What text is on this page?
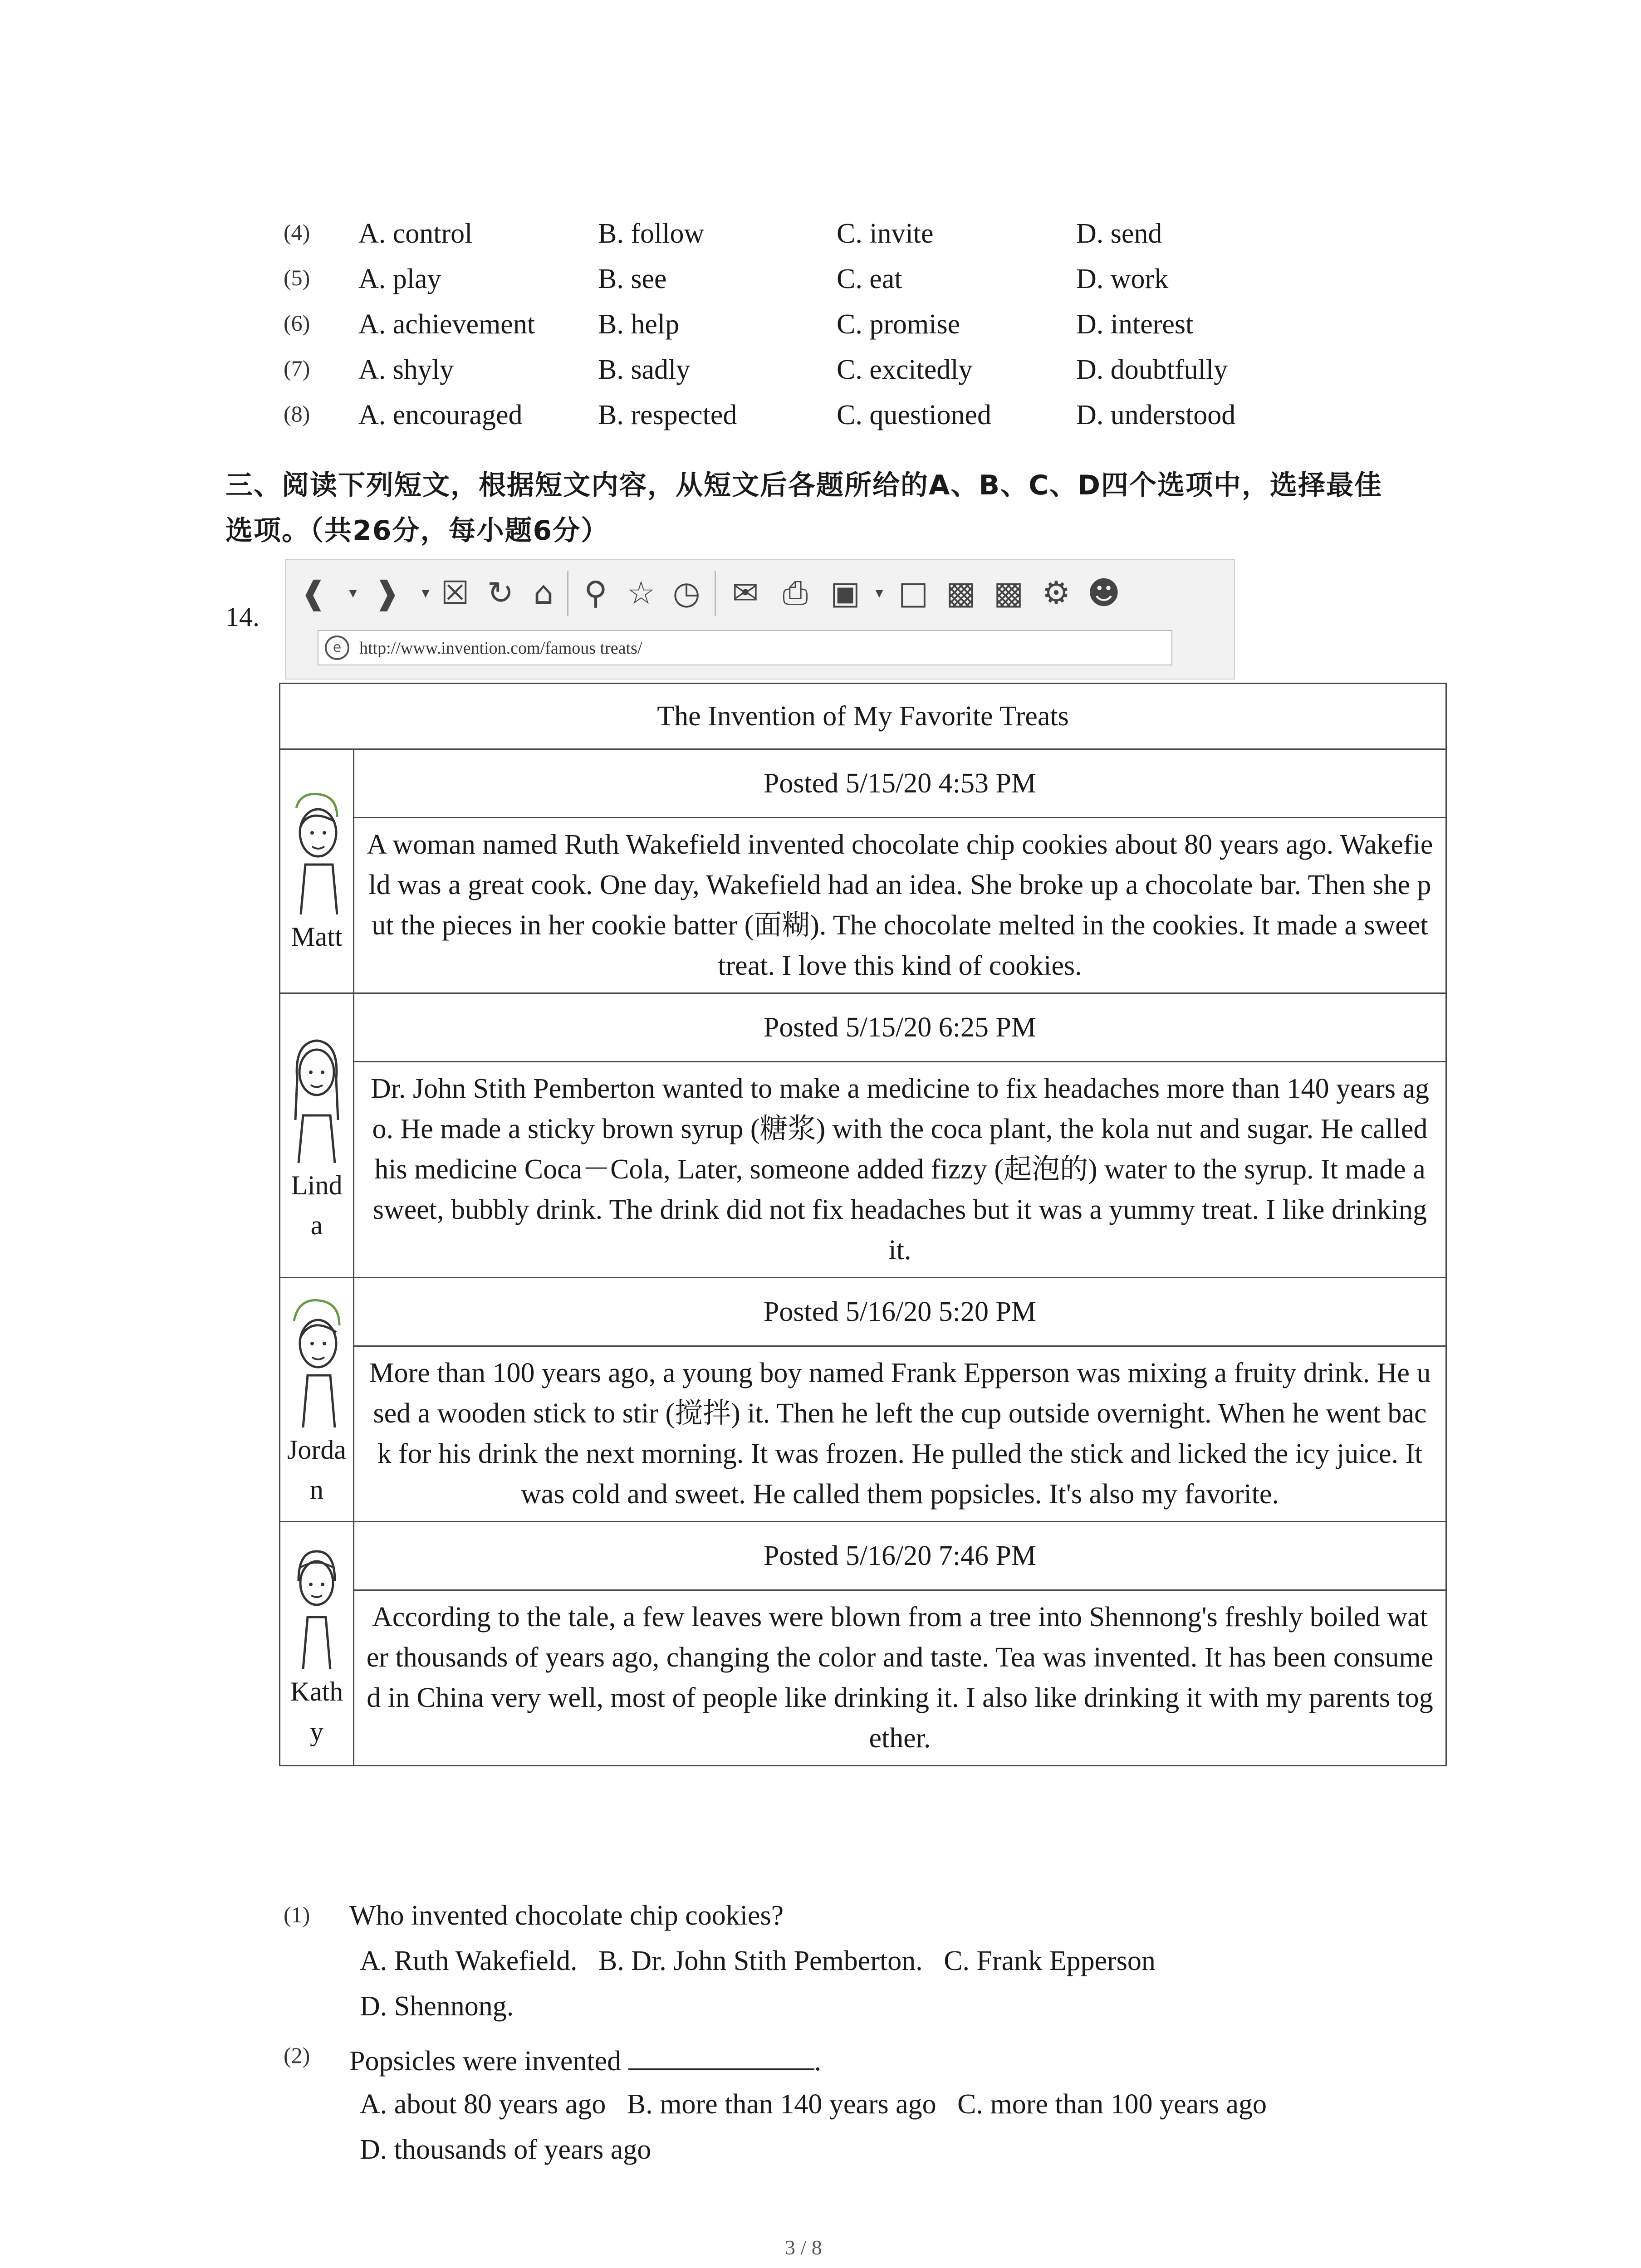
(4) A. control	B. follow	C. invite	D. send
(5) A. play	B. see	C. eat	D. work
(6) A. achievement B. help	C. promise	D. interest
(7) A. shyly	B. sadly	C. excitedly	D. doubtfully
(8) A. encouraged	B. respected	C. questioned	D. understood
三、阅读下列短文，根据短文内容，从短文后各题所给的A、B、C、D四个选项中，选择最佳
选项。（共26分，每小题6分）
14.
❰	▾ ❱	▾ ☒ ↻ ⌂ ⚲ ☆ ◷ ✉ ⎙ ▣ ▾ □ ▩ ▩ ⚙ ☻
e	http://www.invention.com/famous treats/
The Invention of My Favorite Treats	

Matt	Posted 5/15/20 4:53 PM

	A woman named Ruth Wakefield invented chocolate chip cookies about 80 years ago. Wakefield was a great cook. One day, Wakefield had an idea. She broke up a chocolate bar. Then she put the pieces in her cookie batter (面糊). The chocolate melted in the cookies. It made a sweet treat. I love this kind of cookies.

Linda	Posted 5/15/20 6:25 PM

	Dr. John Stith Pemberton wanted to make a medicine to fix headaches more than 140 years ago. He made a sticky brown syrup (糖浆) with the coca plant, the kola nut and sugar. He called his medicine Coca－Cola, Later, someone added fizzy (起泡的) water to the syrup. It made a sweet, bubbly drink. The drink did not fix headaches but it was a yummy treat. I like drinking it.

Jordan	Posted 5/16/20 5:20 PM

	More than 100 years ago, a young boy named Frank Epperson was mixing a fruity drink. He used a wooden stick to stir (搅拌) it. Then he left the cup outside overnight. When he went back for his drink the next morning. It was frozen. He pulled the stick and licked the icy juice. It was cold and sweet. He called them popsicles. It's also my favorite.

Kathy	Posted 5/16/20 7:46 PM

	According to the tale, a few leaves were blown from a tree into Shennong's freshly boiled water thousands of years ago, changing the color and taste. Tea was invented. It has been consumed in China very well, most of people like drinking it. I also like drinking it with my parents together.
(1) Who invented chocolate chip cookies?
A. Ruth Wakefield.   B. Dr. John Stith Pemberton.   C. Frank Epperson
D. Shennong.
(2) Popsicles were invented	.
A. about 80 years ago   B. more than 140 years ago   C. more than 100 years ago
D. thousands of years ago
3 / 8
